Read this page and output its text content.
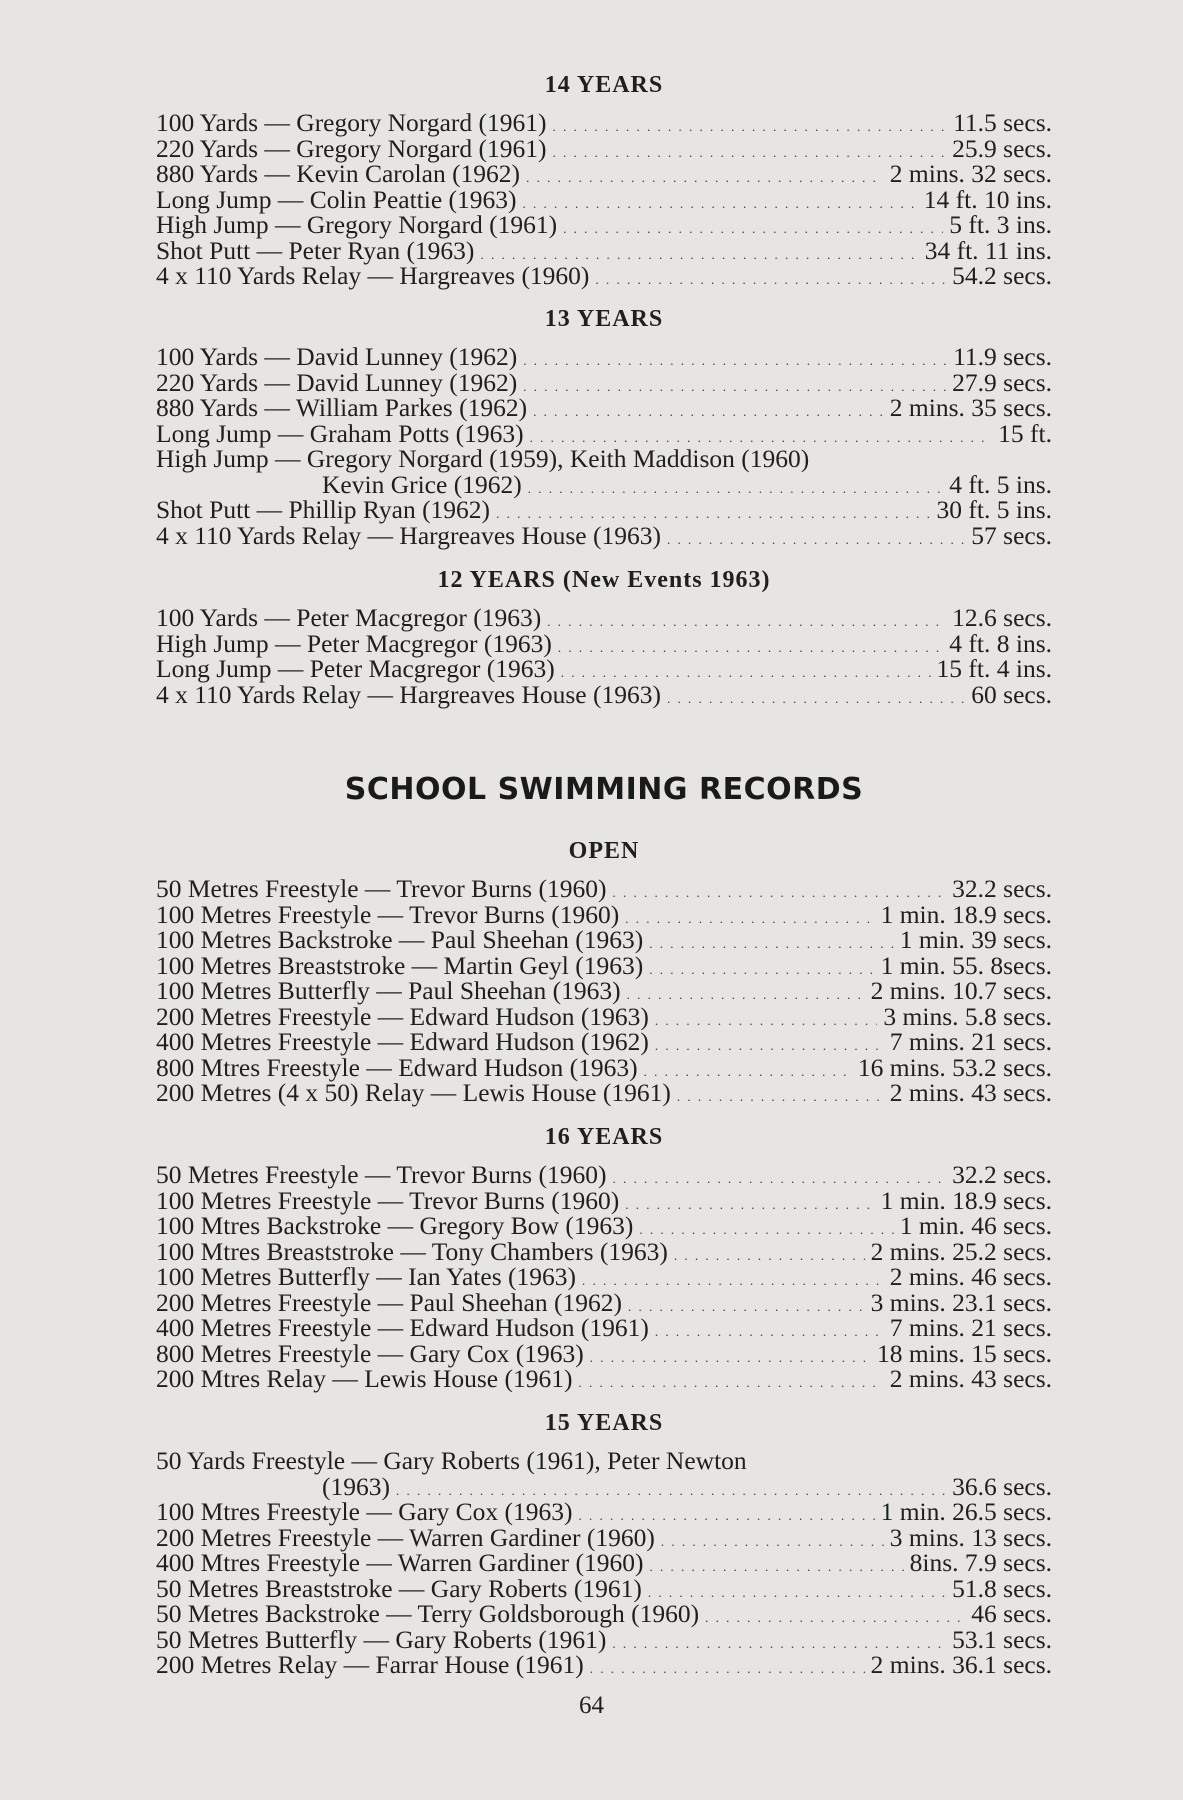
14 YEARS
100 Yards — Gregory Norgard (1961) . . .	11.5 secs.
220 Yards — Gregory Norgard (1961) . . .	25.9 secs.
880 Yards — Kevin Carolan (1962) . . .	2 mins. 32 secs.
Long Jump — Colin Peattie (1963) . . .	14 ft. 10 ins.
High Jump — Gregory Norgard (1961) . . .	5 ft. 3 ins.
Shot Putt — Peter Ryan (1963) . . .	34 ft. 11 ins.
4 x 110 Yards Relay — Hargreaves (1960) . . .	54.2 secs.
13 YEARS
100 Yards — David Lunney (1962) . . .	11.9 secs.
220 Yards — David Lunney (1962) . . .	27.9 secs.
880 Yards — William Parkes (1962) . . .	2 mins. 35 secs.
Long Jump — Graham Potts (1963) . . .	15 ft.
High Jump — Gregory Norgard (1959), Keith Maddison (1960)
Kevin Grice (1962) . . .	4 ft. 5 ins.
Shot Putt — Phillip Ryan (1962) . . .	30 ft. 5 ins.
4 x 110 Yards Relay — Hargreaves House (1963) . . .	57 secs.
12 YEARS (New Events 1963)
100 Yards — Peter Macgregor (1963) . . .	12.6 secs.
High Jump — Peter Macgregor (1963) . . .	4 ft. 8 ins.
Long Jump — Peter Macgregor (1963) . . .	15 ft. 4 ins.
4 x 110 Yards Relay — Hargreaves House (1963) . . .	60 secs.
SCHOOL SWIMMING RECORDS
OPEN
50 Metres Freestyle — Trevor Burns (1960) . . .	32.2 secs.
100 Metres Freestyle — Trevor Burns (1960) . . .	1 min. 18.9 secs.
100 Metres Backstroke — Paul Sheehan (1963) . . .	1 min. 39 secs.
100 Metres Breaststroke — Martin Geyl (1963) . . .	1 min. 55. 8secs.
100 Metres Butterfly — Paul Sheehan (1963) . . .	2 mins. 10.7 secs.
200 Metres Freestyle — Edward Hudson (1963) . . .	3 mins. 5.8 secs.
400 Metres Freestyle — Edward Hudson (1962) . . .	7 mins. 21 secs.
800 Mtres Freestyle — Edward Hudson (1963) . . .	16 mins. 53.2 secs.
200 Metres (4 x 50) Relay — Lewis House (1961) . . .	2 mins. 43 secs.
16 YEARS
50 Metres Freestyle — Trevor Burns (1960) . . .	32.2 secs.
100 Metres Freestyle — Trevor Burns (1960) . . .	1 min. 18.9 secs.
100 Mtres Backstroke — Gregory Bow (1963) . . .	1 min. 46 secs.
100 Mtres Breaststroke — Tony Chambers (1963) . . .	2 mins. 25.2 secs.
100 Metres Butterfly — Ian Yates (1963) . . .	2 mins. 46 secs.
200 Metres Freestyle — Paul Sheehan (1962) . . .	3 mins. 23.1 secs.
400 Metres Freestyle — Edward Hudson (1961) . . .	7 mins. 21 secs.
800 Metres Freestyle — Gary Cox (1963) . . .	18 mins. 15 secs.
200 Mtres Relay — Lewis House (1961) . . .	2 mins. 43 secs.
15 YEARS
50 Yards Freestyle — Gary Roberts (1961), Peter Newton
(1963) . . .	36.6 secs.
100 Mtres Freestyle — Gary Cox (1963) . . .	1 min. 26.5 secs.
200 Metres Freestyle — Warren Gardiner (1960) . . .	3 mins. 13 secs.
400 Mtres Freestyle — Warren Gardiner (1960) . . .	8ins. 7.9 secs.
50 Metres Breaststroke — Gary Roberts (1961) . . .	51.8 secs.
50 Metres Backstroke — Terry Goldsborough (1960) . . .	46 secs.
50 Metres Butterfly — Gary Roberts (1961) . . .	53.1 secs.
200 Metres Relay — Farrar House (1961) . . .	2 mins. 36.1 secs.
64
